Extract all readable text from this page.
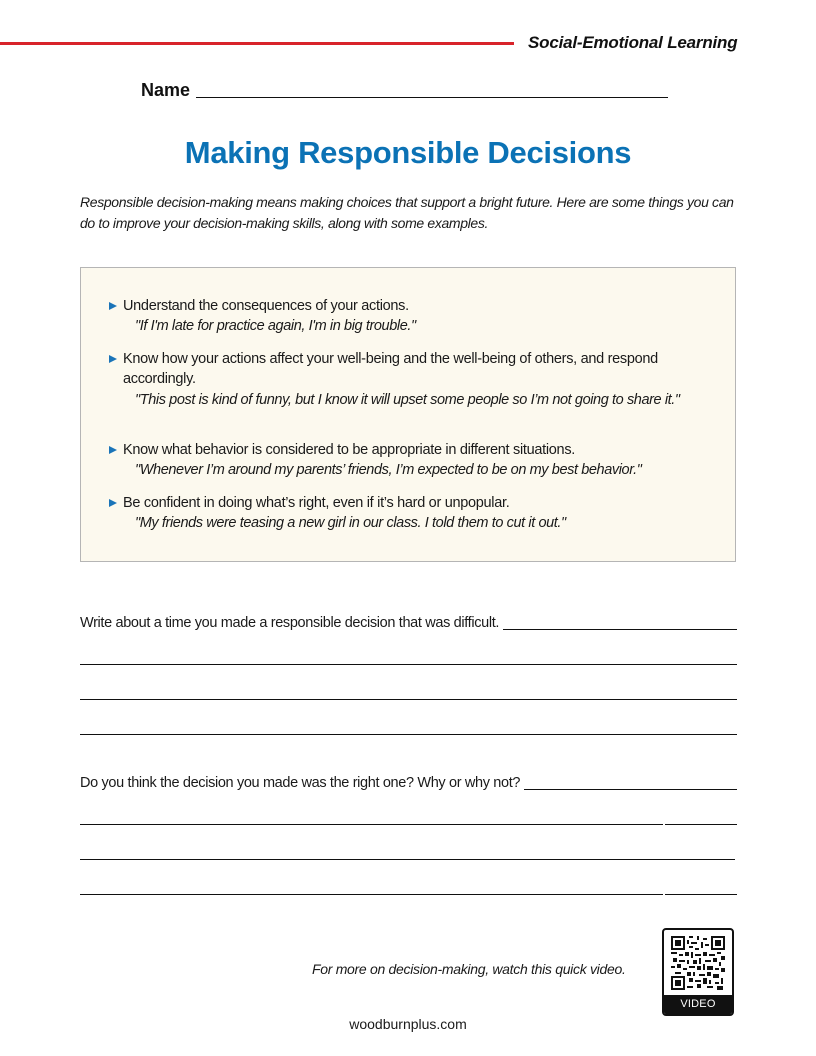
Social-Emotional Learning
Name
Making Responsible Decisions
Responsible decision-making means making choices that support a bright future. Here are some things you can do to improve your decision-making skills, along with some examples.
Understand the consequences of your actions.
"If I'm late for practice again, I'm in big trouble."
Know how your actions affect your well-being and the well-being of others, and respond accordingly.
"This post is kind of funny, but I know it will upset some people so I’m not going to share it."
Know what behavior is considered to be appropriate in different situations.
"Whenever I’m around my parents’ friends, I’m expected to be on my best behavior."
Be confident in doing what’s right, even if it’s hard or unpopular.
"My friends were teasing a new girl in our class. I told them to cut it out."
Write about a time you made a responsible decision that was difficult.
Do you think the decision you made was the right one? Why or why not?
For more on decision-making, watch this quick video.
VIDEO
woodburnplus.com
